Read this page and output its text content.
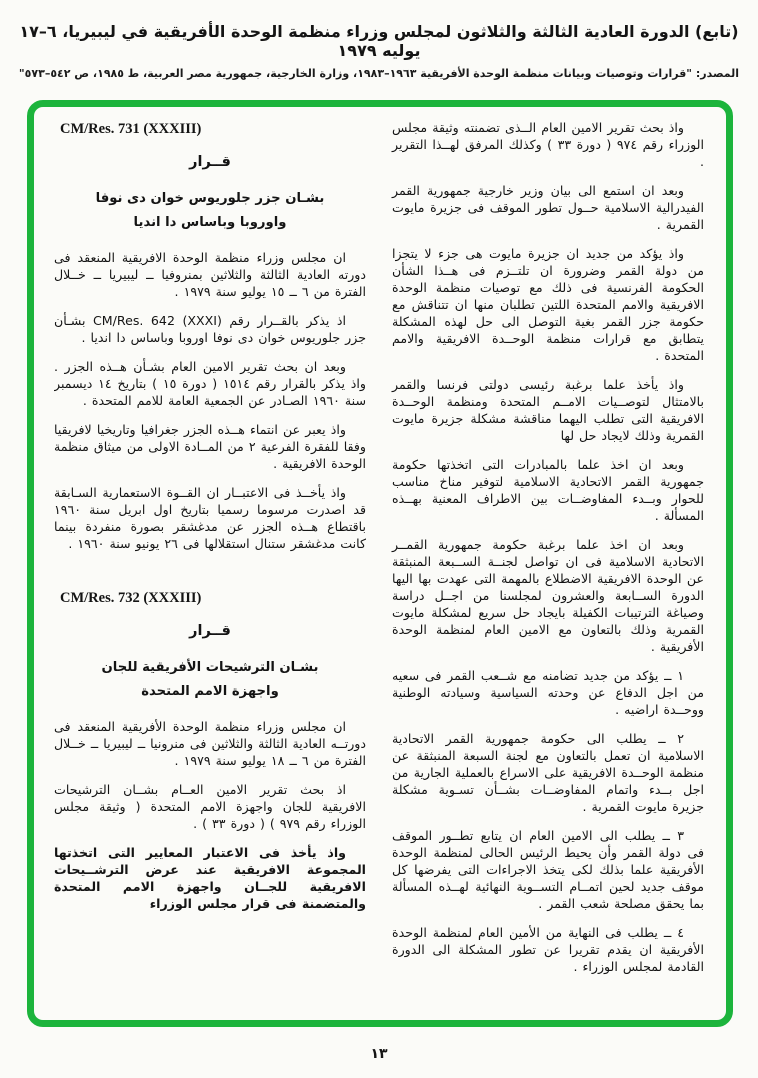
(تابع) الدورة العادية الثالثة والثلاثون لمجلس وزراء منظمة الوحدة الأفريقية في ليبيريا، ٦–١٧ يوليه ١٩٧٩
المصدر: "قرارات وتوصيات وبيانات منظمة الوحدة الأفريقية ١٩٦٣–١٩٨٣، وزارة الخارجية، جمهورية مصر العربية، ط ١٩٨٥، ص ٥٤٢–٥٧٣"

واذ بحث تقرير الامين العام الــذى تضمنته وثيقة مجلس الوزراء رقم ٩٧٤ ( دورة ٣٣ ) وكذلك المرفق لهــذا التقرير .

وبعد ان استمع الى بيان وزير خارجية جمهورية القمر الفيدرالية الاسلامية حــول تطور الموقف فى جزيرة مايوت القمرية .

واذ يؤكد من جديد ان جزيرة مايوت هى جزء لا يتجزا من دولة القمر وضرورة ان تلتــزم فى هــذا الشأن الحكومة الفرنسية فى ذلك مع توصيات منظمة الوحدة الافريقية والامم المتحدة اللتين تطلبان منها ان تتناقش مع حكومة جزر القمر بغية التوصل الى حل لهذه المشكلة يتطابق مع قرارات منظمة الوحــدة الافريقية والامم المتحدة .

واذ يأخذ علما برغبة رئيسى دولتى فرنسا والقمر بالامتثال لتوصــيات الامــم المتحدة ومنظمة الوحــدة الافريقية التى تطلب اليهما مناقشة مشكلة جزيرة مايوت القمرية وذلك لايجاد حل لها

وبعد ان اخذ علما بالمبادرات التى اتخذتها حكومة جمهورية القمر الاتحادية الاسلامية لتوفير مناخ مناسب للحوار وبــدء المفاوضــات بين الاطراف المعنية بهــذه المسألة .

وبعد ان اخذ علما برغبة حكومة جمهورية القمــر الاتحادية الاسلامية فى ان تواصل لجنــة الســبعة المنبثقة عن الوحدة الافريقية الاضطلاع بالمهمة التى عهدت بها اليها الدورة الســابعة والعشرون لمجلسنا من اجــل دراسة وصياغة الترتيبات الكفيلة بايجاد حل سريع لمشكلة مايوت القمرية وذلك بالتعاون مع الامين العام لمنظمة الوحدة الأفريقية .

١ ــ يؤكد من جديد تضامنه مع شــعب القمر فى سعيه من اجل الدفاع عن وحدته السياسية وسيادته الوطنية ووحــدة اراضيه .

٢ ــ يطلب الى حكومة جمهورية القمر الاتحادية الاسلامية ان تعمل بالتعاون مع لجنة السبعة المنبثقة عن منظمة الوحــدة الافريقية على الاسراع بالعملية الجارية من اجل بــدء واتمام المفاوضــات بشــأن تسـوية مشكلة جزيرة مايوت القمرية .

٣ ــ يطلب الى الامين العام ان يتابع تطــور الموقف فى دولة القمر وأن يحيط الرئيس الحالى لمنظمة الوحدة الأفريقية علما بذلك لكى يتخذ الاجراءات التى يفرضها كل موقف جديد لحين اتمــام التســوية النهائية لهــذه المسألة بما يحقق مصلحة شعب القمر .

٤ ــ يطلب فى النهاية من الأمين العام لمنظمة الوحدة الأفريقية ان يقدم تقريرا عن تطور المشكلة الى الدورة القادمة لمجلس الوزراء .

CM/Res. 731 (XXXIII)
قــرار
بشـان جزر جلوريوس خوان دى نوفا
واوروبا وباساس دا انديا

ان مجلس وزراء منظمة الوحدة الافريقية المنعقد فى دورته العادية الثالثة والثلاثين بمنروفيا ــ ليبيريا ــ خــلال الفترة من ٦ ــ ١٥ يوليو سنة ١٩٧٩ .

اذ يذكر بالقــرار رقم CM/Res. 642 (XXXI) بشـأن جزر جلوريوس خوان دى نوفا اوروبا وباساس دا انديا .

وبعد ان بحث تقرير الامين العام بشـأن هــذه الجزر . واذ يذكر بالقرار رقم ١٥١٤ ( دورة ١٥ ) بتاريخ ١٤ ديسمبر سنة ١٩٦٠ الصـادر عن الجمعية العامة للامم المتحدة .

واذ يعبر عن انتماء هــذه الجزر جغرافيا وتاريخيا لافريقيا وفقا للفقرة الفرعية ٢ من المــادة الاولى من ميثاق منظمة الوحدة الافريقية .

واذ يأخــذ فى الاعتبــار ان القــوة الاستعمارية السـابقة قد اصدرت مرسوما رسميا بتاريخ اول ابريل سنة ١٩٦٠ باقتطاع هــذه الجزر عن مدغشقر بصورة منفردة بينما كانت مدغشقر ستنال استقلالها فى ٢٦ يونيو سنة ١٩٦٠ .

CM/Res. 732 (XXXIII)
قــرار
بشـان الترشيحات الأفريقية للجان
واجهزة الامم المتحدة

ان مجلس وزراء منظمة الوحدة الأفريقية المنعقد فى دورتــه العادية الثالثة والثلاثين فى منرونيا ــ ليبيريا ــ خــلال الفترة من ٦ ــ ١٨ يوليو سنة ١٩٧٩ .

اذ بحث تقرير الامين العــام بشــان الترشيحات الافريقية للجان واجهزة الامم المتحدة ( وثيقة مجلس الوزراء رقم ٩٧٩ ) ( دورة ٣٣ ) .

واذ يأخذ فى الاعتبار المعايير التى اتخذتها المجموعة الافريقية عند عرض الترشــيحات الافريقية للجــان واجهزة الامم المتحدة والمتضمنة فى قرار مجلس الوزراء

١٣
